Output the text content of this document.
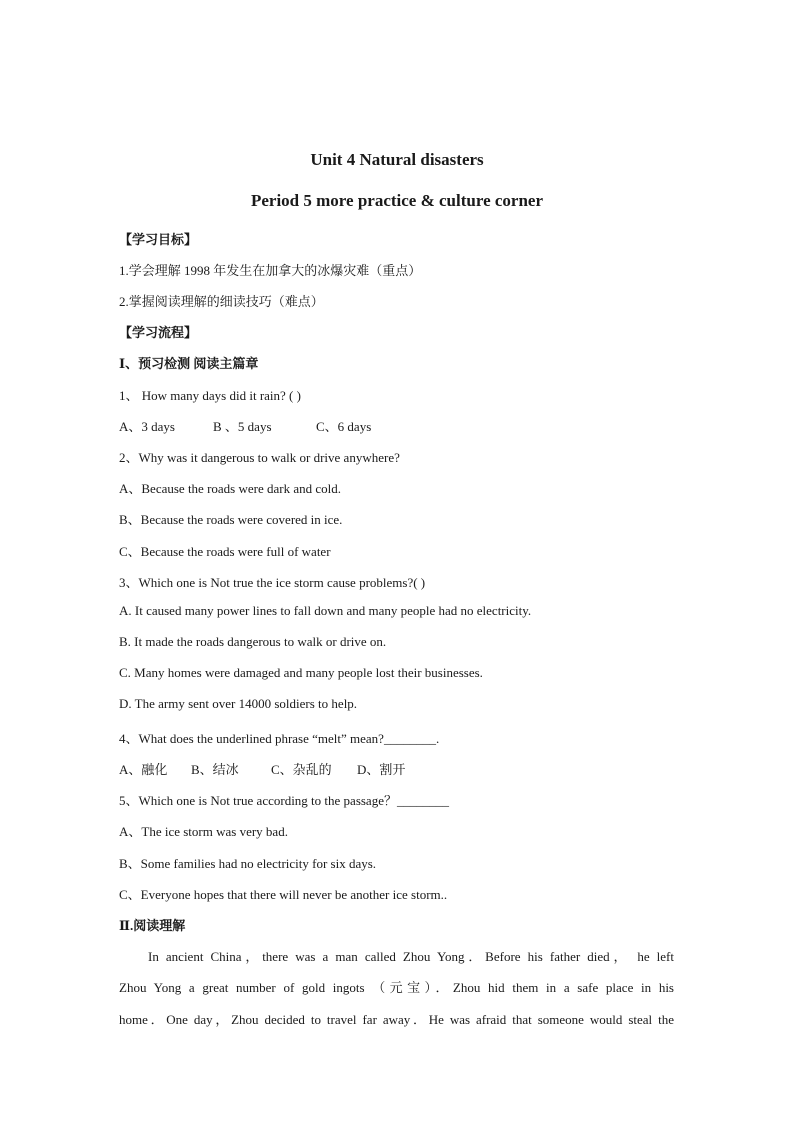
Unit 4 Natural disasters
Period 5 more practice & culture corner
【学习目标】
1.学会理解 1998 年发生在加拿大的冰爆灾难（重点）
2.掌握阅读理解的细读技巧（难点）
【学习流程】
Ⅰ、预习检测 阅读主篇章
1、 How many days did it rain? ( )
A、3 days	B 、5 days	C、6 days
2、Why was it dangerous to walk or drive anywhere?
A、Because the roads were dark and cold.
B、Because the roads were covered in ice.
C、Because the roads were full of water
3、Which one is Not true the ice storm cause problems?( )
A. It caused many power lines to fall down and many people had no electricity.
B. It made the roads dangerous to walk or drive on.
C. Many homes were damaged and many people lost their businesses.
D. The army sent over 14000 soldiers to help.
4、What does the underlined phrase “melt” mean?________.
A、融化 B、结冰 C、杂乱的 D、割开
5、Which one is Not true according to the passage？________
A、The ice storm was very bad.
B、Some families had no electricity for six days.
C、Everyone hopes that there will never be another ice storm..
Ⅱ.阅读理解
In ancient China，there was a man called Zhou Yong．Before his father died， he left
Zhou Yong a great number of gold ingots （元宝）．Zhou hid them in a safe place in his
home．One day，Zhou decided to travel far away．He was afraid that someone would steal the
